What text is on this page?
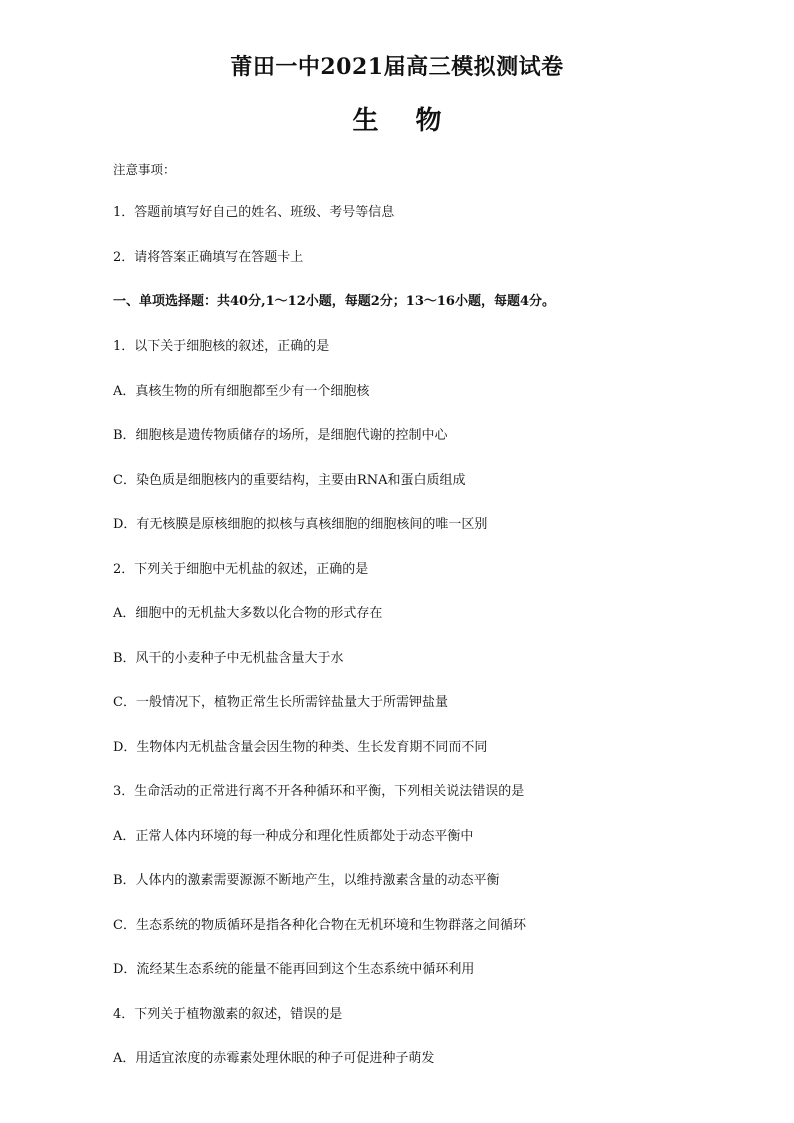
莆田一中2021届高三模拟测试卷
生 物
注意事项：
1．答题前填写好自己的姓名、班级、考号等信息
2．请将答案正确填写在答题卡上
一、单项选择题：共40分,1～12小题，每题2分；13～16小题，每题4分。
1．以下关于细胞核的叙述，正确的是
A．真核生物的所有细胞都至少有一个细胞核
B．细胞核是遗传物质储存的场所，是细胞代谢的控制中心
C．染色质是细胞核内的重要结构，主要由RNA和蛋白质组成
D．有无核膜是原核细胞的拟核与真核细胞的细胞核间的唯一区别
2．下列关于细胞中无机盐的叙述，正确的是
A．细胞中的无机盐大多数以化合物的形式存在
B．风干的小麦种子中无机盐含量大于水
C．一般情况下，植物正常生长所需锌盐量大于所需钾盐量
D．生物体内无机盐含量会因生物的种类、生长发育期不同而不同
3．生命活动的正常进行离不开各种循环和平衡，下列相关说法错误的是
A．正常人体内环境的每一种成分和理化性质都处于动态平衡中
B．人体内的激素需要源源不断地产生，以维持激素含量的动态平衡
C．生态系统的物质循环是指各种化合物在无机环境和生物群落之间循环
D．流经某生态系统的能量不能再回到这个生态系统中循环利用
4．下列关于植物激素的叙述，错误的是
A．用适宜浓度的赤霉素处理休眠的种子可促进种子萌发
